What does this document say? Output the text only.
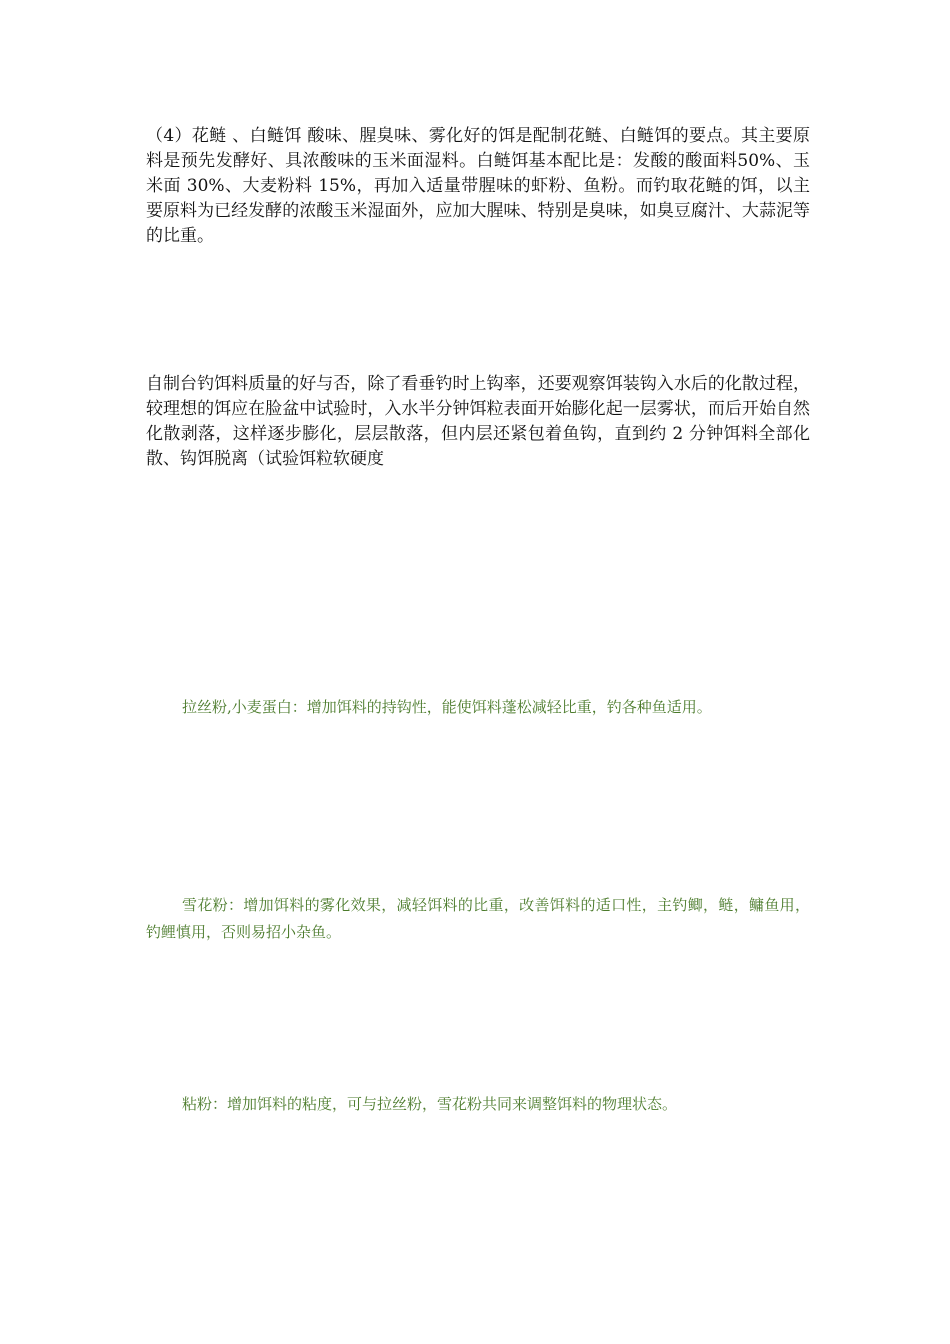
（4）花鲢 、白鲢饵 酸味、腥臭味、雾化好的饵是配制花鲢、白鲢饵的要点。其主要原料是预先发酵好、具浓酸味的玉米面湿料。白鲢饵基本配比是：发酸的酸面料50%、玉米面 30%、大麦粉料 15%，再加入适量带腥味的虾粉、鱼粉。而钓取花鲢的饵，以主要原料为已经发酵的浓酸玉米湿面外，应加大腥味、特别是臭味，如臭豆腐汁、大蒜泥等的比重。

自制台钓饵料质量的好与否，除了看垂钓时上钩率，还要观察饵装钩入水后的化散过程，较理想的饵应在脸盆中试验时，入水半分钟饵粒表面开始膨化起一层雾状，而后开始自然化散剥落，这样逐步膨化，层层散落，但内层还紧包着鱼钩，直到约 2 分钟饵料全部化散、钩饵脱离（试验饵粒软硬度

拉丝粉,小麦蛋白：增加饵料的持钩性，能使饵料蓬松减轻比重，钓各种鱼适用。

雪花粉：增加饵料的雾化效果，减轻饵料的比重，改善饵料的适口性，主钓鲫，鲢，鳙鱼用，钓鲤慎用，否则易招小杂鱼。

粘粉：增加饵料的粘度，可与拉丝粉，雪花粉共同来调整饵料的物理状态。
